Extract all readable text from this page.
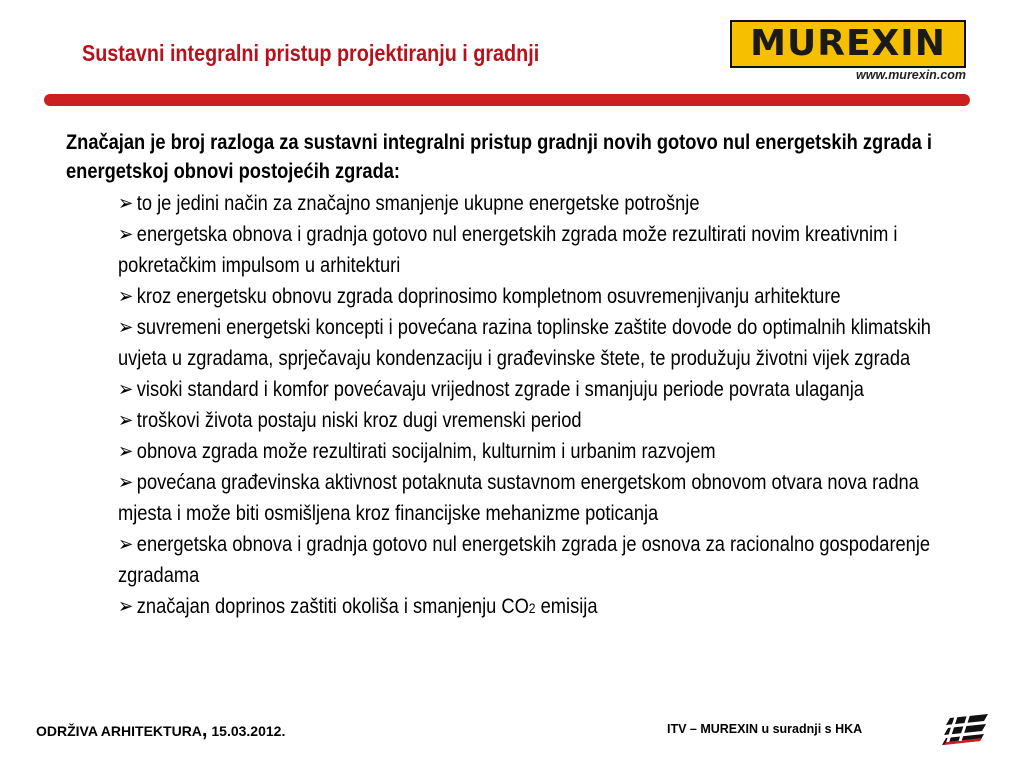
Sustavni integralni pristup projektiranju i gradnji	MUREXIN
www.murexin.com

Značajan je broj razloga za sustavni integralni pristup gradnji novih gotovo nul energetskih zgrada i energetskoj obnovi postojećih zgrada:

➢ to je jedini način za značajno smanjenje ukupne energetske potrošnje
➢ energetska obnova i gradnja gotovo nul energetskih zgrada može rezultirati novim kreativnim i pokretačkim impulsom u arhitekturi
➢ kroz energetsku obnovu zgrada doprinosimo kompletnom osuvremenjivanju arhitekture
➢ suvremeni energetski koncepti i povećana razina toplinske zaštite dovode do optimalnih klimatskih uvjeta u zgradama, sprječavaju kondenzaciju i građevinske štete, te produžuju životni vijek zgrada
➢ visoki standard i komfor povećavaju vrijednost zgrade i smanjuju periode povrata ulaganja
➢ troškovi života postaju niski kroz dugi vremenski period
➢ obnova zgrada može rezultirati socijalnim, kulturnim i urbanim razvojem
➢ povećana građevinska aktivnost potaknuta sustavnom energetskom obnovom otvara nova radna mjesta i može biti osmišljena kroz financijske mehanizme poticanja
➢ energetska obnova i gradnja gotovo nul energetskih zgrada je osnova za racionalno gospodarenje zgradama
➢ značajan doprinos zaštiti okoliša i smanjenju CO2 emisija

ODRŽIVA ARHITEKTURA, 15.03.2012.	ITV – MUREXIN u suradnji s HKA
